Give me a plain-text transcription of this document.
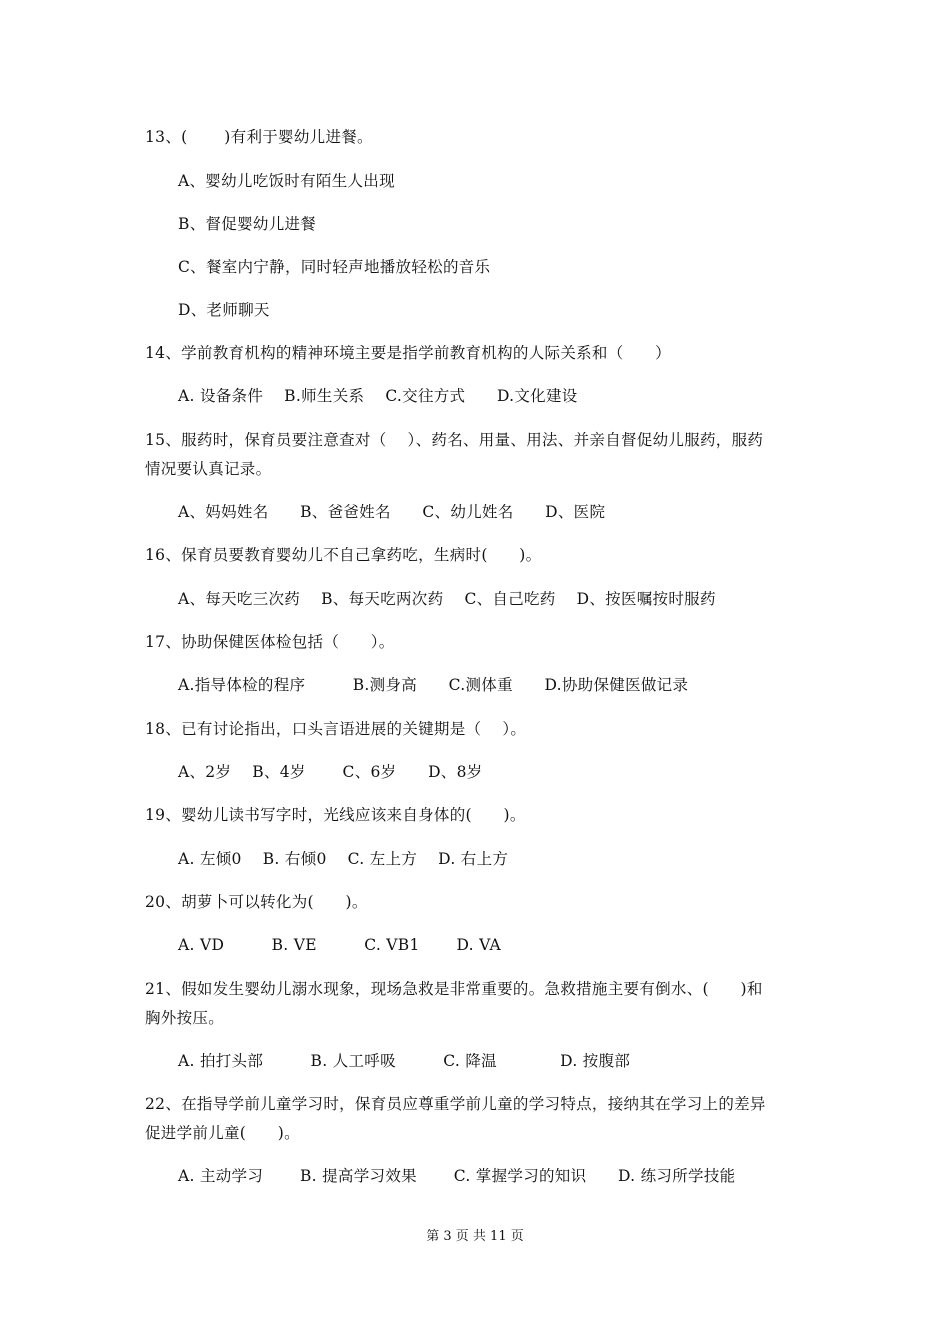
13、(　 　)有利于婴幼儿进餐。
A、婴幼儿吃饭时有陌生人出现
B、督促婴幼儿进餐
C、餐室内宁静，同时轻声地播放轻松的音乐
D、老师聊天
14、学前教育机构的精神环境主要是指学前教育机构的人际关系和（　　）
A. 设备条件　 B.师生关系　 C.交往方式　　D.文化建设
15、服药时，保育员要注意查对（　 ）、药名、用量、用法、并亲自督促幼儿服药，服药
情况要认真记录。
A、妈妈姓名　　B、爸爸姓名　　C、幼儿姓名　　D、医院
16、保育员要教育婴幼儿不自己拿药吃，生病时(　　)。
A、每天吃三次药　 B、每天吃两次药　 C、自己吃药　 D、按医嘱按时服药
17、协助保健医体检包括（　　）。
A.指导体检的程序　　　B.测身高　　C.测体重　　D.协助保健医做记录
18、已有讨论指出，口头言语进展的关键期是（　 ）。
A、2岁　 B、4岁　　 C、6岁　　D、8岁
19、婴幼儿读书写字时，光线应该来自身体的(　　)。
A. 左倾0　 B. 右倾0　 C. 左上方　 D. 右上方
20、胡萝卜可以转化为(　　)。
A. VD　　　B. VE　　　C. VB1　　 D. VA
21、假如发生婴幼儿溺水现象，现场急救是非常重要的。急救措施主要有倒水、(　　)和
胸外按压。
A. 拍打头部　　　B. 人工呼吸　　　C. 降温　　　　D. 按腹部
22、在指导学前儿童学习时，保育员应尊重学前儿童的学习特点，接纳其在学习上的差异
促进学前儿童(　　)。
A. 主动学习　　 B. 提高学习效果　　 C. 掌握学习的知识　　D. 练习所学技能
第 3 页 共 11 页
